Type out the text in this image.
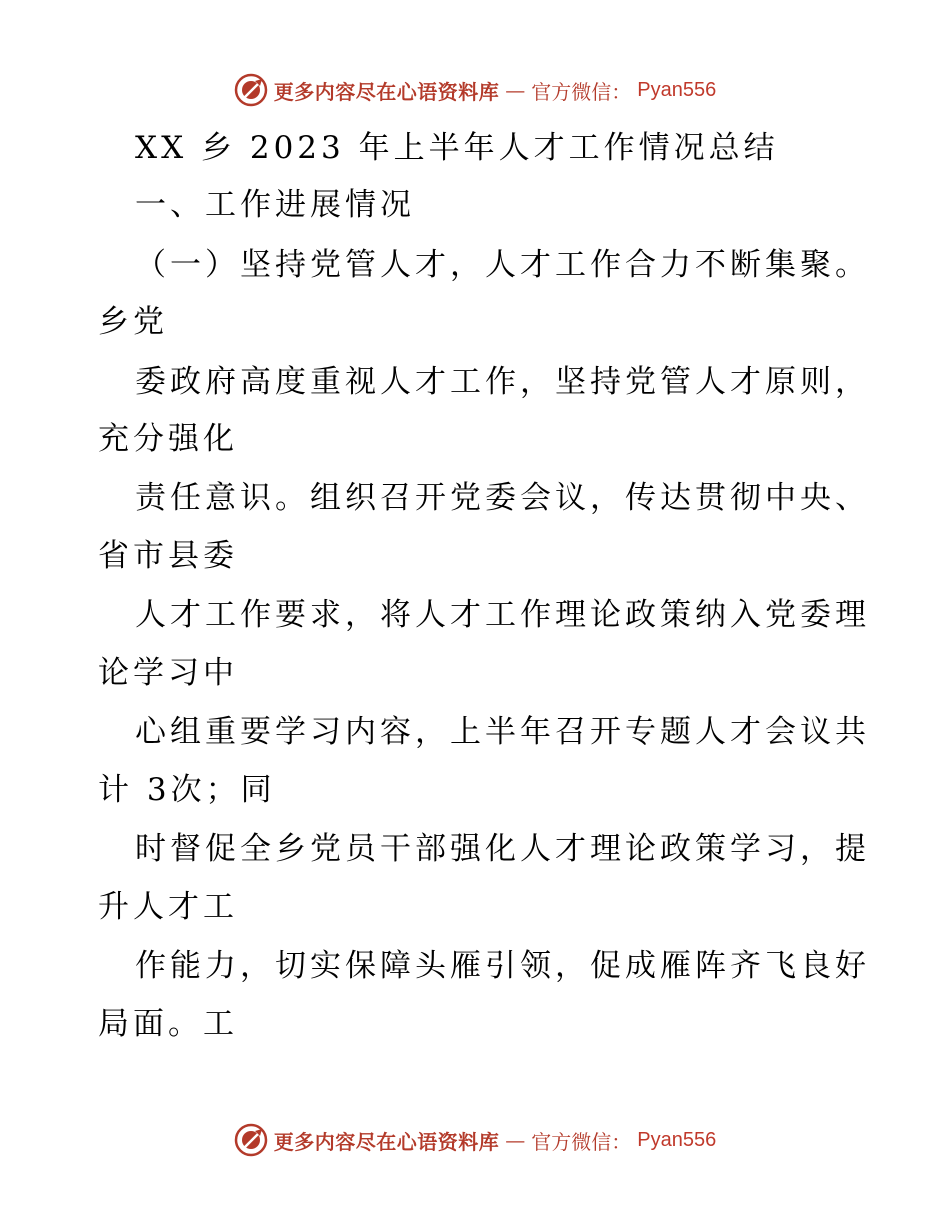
更多内容尽在心语资料库 — 官方微信： Pyan556
XX 乡 2023 年上半年人才工作情况总结
一、工作进展情况
（一）坚持党管人才，人才工作合力不断集聚。
乡党
委政府高度重视人才工作，坚持党管人才原则，
充分强化
责任意识。组织召开党委会议，传达贯彻中央、
省市县委
人才工作要求，将人才工作理论政策纳入党委理
论学习中
心组重要学习内容，上半年召开专题人才会议共
计 3次；同
时督促全乡党员干部强化人才理论政策学习，提
升人才工
作能力，切实保障头雁引领，促成雁阵齐飞良好
局面。工
更多内容尽在心语资料库 — 官方微信： Pyan556
